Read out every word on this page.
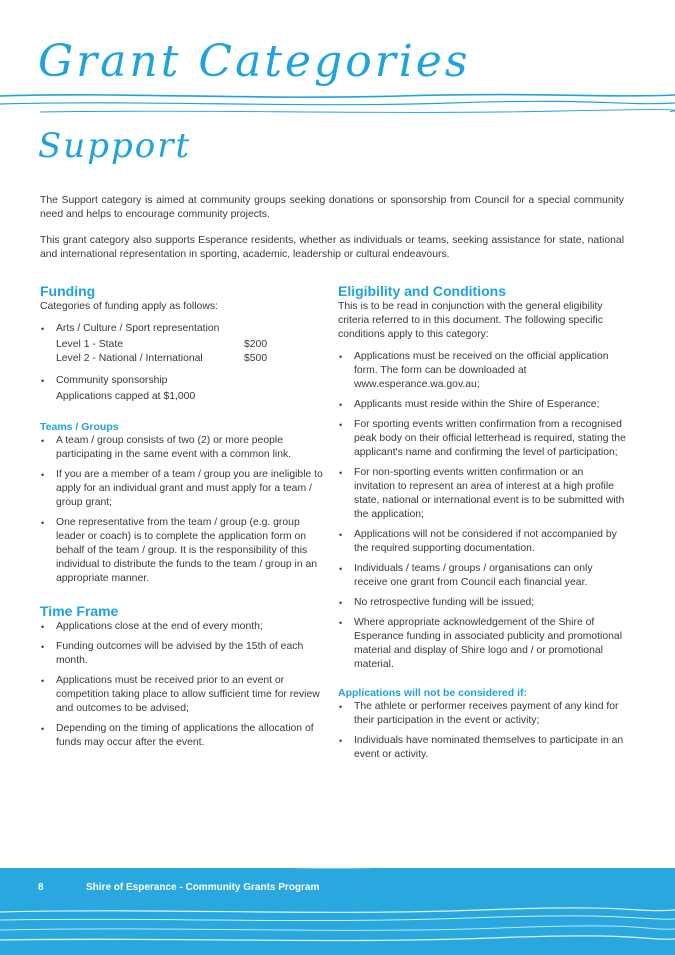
Grant Categories
Support

The Support category is aimed at community groups seeking donations or sponsorship from Council for a special community need and helps to encourage community projects.

This grant category also supports Esperance residents, whether as individuals or teams, seeking assistance for state, national and international representation in sporting, academic, leadership or cultural endeavours.

Funding

Categories of funding apply as follows:

• Arts / Culture / Sport representation
Level 1 - State	$200
Level 2 - National / International	$500
• Community sponsorship
Applications capped at $1,000
Teams / Groups
• A team / group consists of two (2) or more people participating in the same event with a common link.
• If you are a member of a team / group you are ineligible to apply for an individual grant and must apply for a team / group grant;
• One representative from the team / group (e.g. group leader or coach) is to complete the application form on behalf of the team / group. It is the responsibility of this individual to distribute the funds to the team / group in an appropriate manner.
Time Frame
• Applications close at the end of every month;
• Funding outcomes will be advised by the 15th of each month.
• Applications must be received prior to an event or competition taking place to allow sufficient time for review and outcomes to be advised;
• Depending on the timing of applications the allocation of funds may occur after the event.
Eligibility and Conditions

This is to be read in conjunction with the general eligibility criteria referred to in this document. The following specific conditions apply to this category:

• Applications must be received on the official application form. The form can be downloaded at www.esperance.wa.gov.au;
• Applicants must reside within the Shire of Esperance;
• For sporting events written confirmation from a recognised peak body on their official letterhead is required, stating the applicant's name and confirming the level of participation;
• For non-sporting events written confirmation or an invitation to represent an area of interest at a high profile state, national or international event is to be submitted with the application;
• Applications will not be considered if not accompanied by the required supporting documentation.
• Individuals / teams / groups / organisations can only receive one grant from Council each financial year.
• No retrospective funding will be issued;
• Where appropriate acknowledgement of the Shire of Esperance funding in associated publicity and promotional material and display of Shire logo and / or promotional material.
Applications will not be considered if:
• The athlete or performer receives payment of any kind for their participation in the event or activity;
• Individuals have nominated themselves to participate in an event or activity.
8	Shire of Esperance - Community Grants Program
